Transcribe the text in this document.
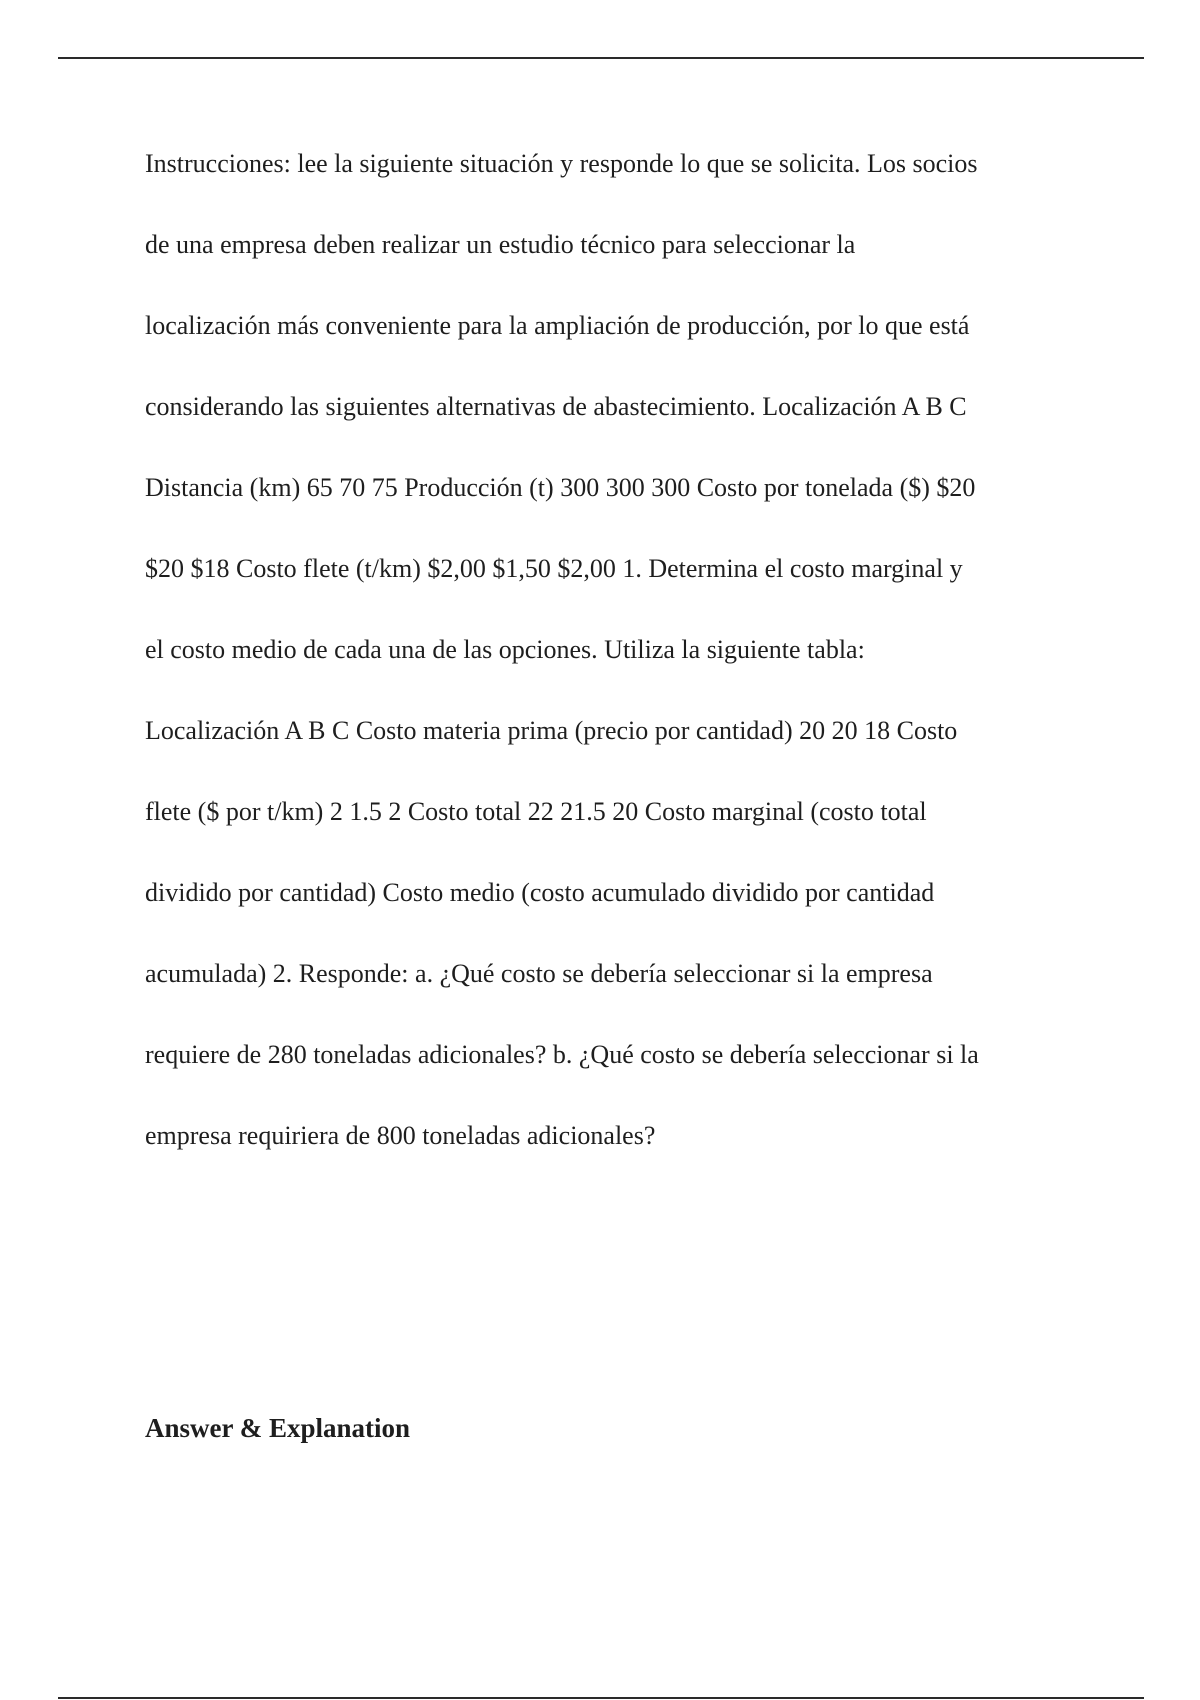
Instrucciones: lee la siguiente situación y responde lo que se solicita. Los socios
de una empresa deben realizar un estudio técnico para seleccionar la
localización más conveniente para la ampliación de producción, por lo que está
considerando las siguientes alternativas de abastecimiento. Localización A B C
Distancia (km) 65 70 75 Producción (t) 300 300 300 Costo por tonelada ($) $20
$20 $18 Costo flete (t/km) $2,00 $1,50 $2,00 1. Determina el costo marginal y
el costo medio de cada una de las opciones. Utiliza la siguiente tabla:
Localización A B C Costo materia prima (precio por cantidad) 20 20 18 Costo
flete ($ por t/km) 2 1.5 2 Costo total 22 21.5 20 Costo marginal (costo total
dividido por cantidad) Costo medio (costo acumulado dividido por cantidad
acumulada) 2. Responde: a. ¿Qué costo se debería seleccionar si la empresa
requiere de 280 toneladas adicionales? b. ¿Qué costo se debería seleccionar si la
empresa requiriera de 800 toneladas adicionales?
Answer & Explanation
